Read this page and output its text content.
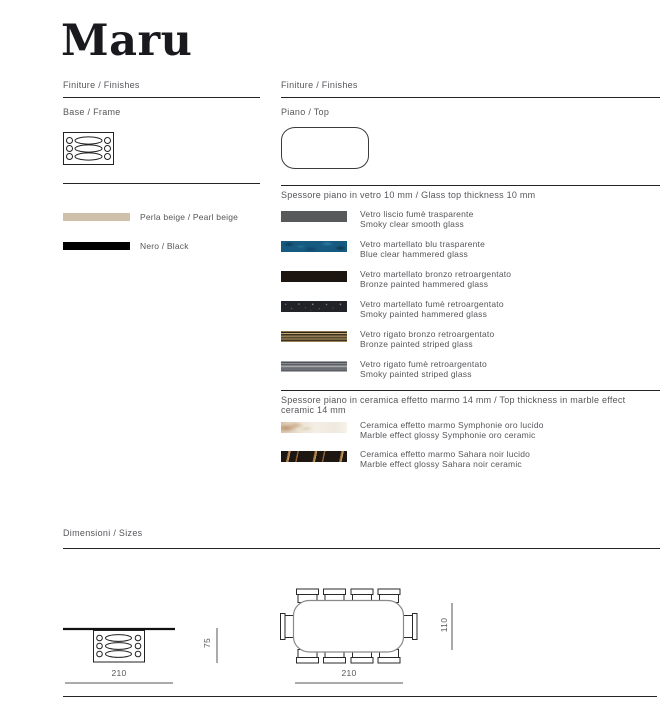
Maru
Finiture / Finishes
Base / Frame
Perla beige / Pearl beige
Nero / Black
Finiture / Finishes
Piano / Top
Spessore piano in vetro 10 mm / Glass top thickness 10 mm
Vetro liscio fumè trasparente
Smoky clear smooth glass
Vetro martellato blu trasparente
Blue clear hammered glass
Vetro martellato bronzo retroargentato
Bronze painted hammered glass
Vetro martellato fumè retroargentato
Smoky painted hammered glass
Vetro rigato bronzo retroargentato
Bronze painted striped glass
Vetro rigato fumè retroargentato
Smoky painted striped glass
Spessore piano in ceramica effetto marmo 14 mm / Top thickness in marble effect ceramic 14 mm
Ceramica effetto marmo Symphonie oro lucido
Marble effect glossy Symphonie oro ceramic
Ceramica effetto marmo Sahara noir lucido
Marble effect glossy Sahara noir ceramic
Dimensioni / Sizes
210
75
210
110
